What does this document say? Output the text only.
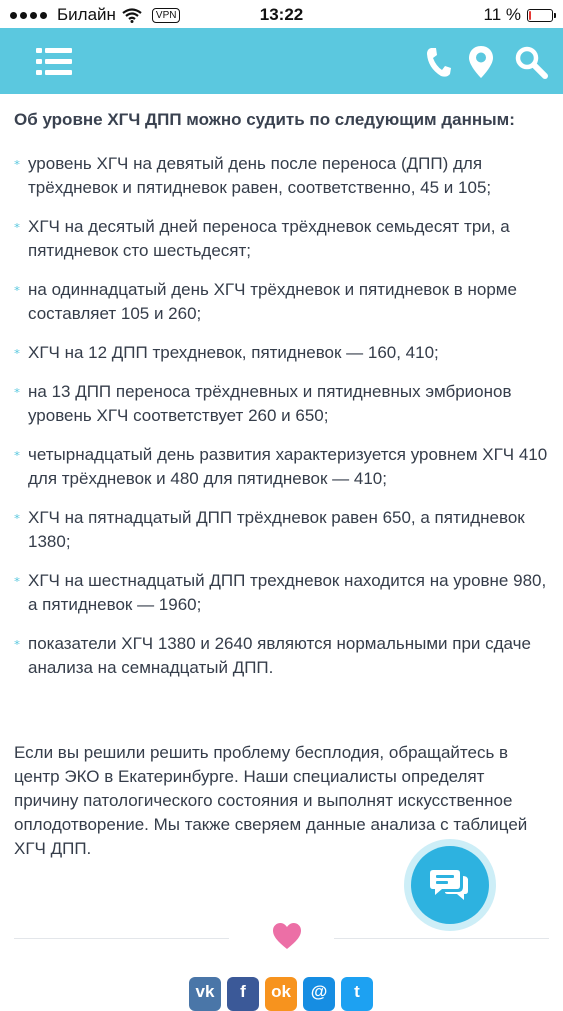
Билайн	VPN	13:22	11 %

Об уровне ХГЧ ДПП можно судить по следующим данным:

⁎ уровень ХГЧ на девятый день после переноса (ДПП) для трёхдневок и пятидневок равен, соответственно, 45 и 105;
⁎ ХГЧ на десятый дней переноса трёхдневок семьдесят три, а пятидневок сто шестьдесят;
⁎ на одиннадцатый день ХГЧ трёхдневок и пятидневок в норме составляет 105 и 260;
⁎ ХГЧ на 12 ДПП трехдневок, пятидневок — 160, 410;
⁎ на 13 ДПП переноса трёхдневных и пятидневных эмбрионов уровень ХГЧ соответствует 260 и 650;
⁎ четырнадцатый день развития характеризуется уровнем ХГЧ 410 для трёхдневок и 480 для пятидневок — 410;
⁎ ХГЧ на пятнадцатый ДПП трёхдневок равен 650, а пятидневок 1380;
⁎ ХГЧ на шестнадцатый ДПП трехдневок находится на уровне 980, а пятидневок — 1960;
⁎ показатели ХГЧ 1380 и 2640 являются нормальными при сдаче анализа на семнадцатый ДПП.

Если вы решили решить проблему бесплодия, обращайтесь в центр ЭКО в Екатеринбурге. Наши специалисты определят причину патологического состояния и выполнят искусственное оплодотворение. Мы также сверяем данные анализа с таблицей ХГЧ ДПП.

vk f ok @ t
